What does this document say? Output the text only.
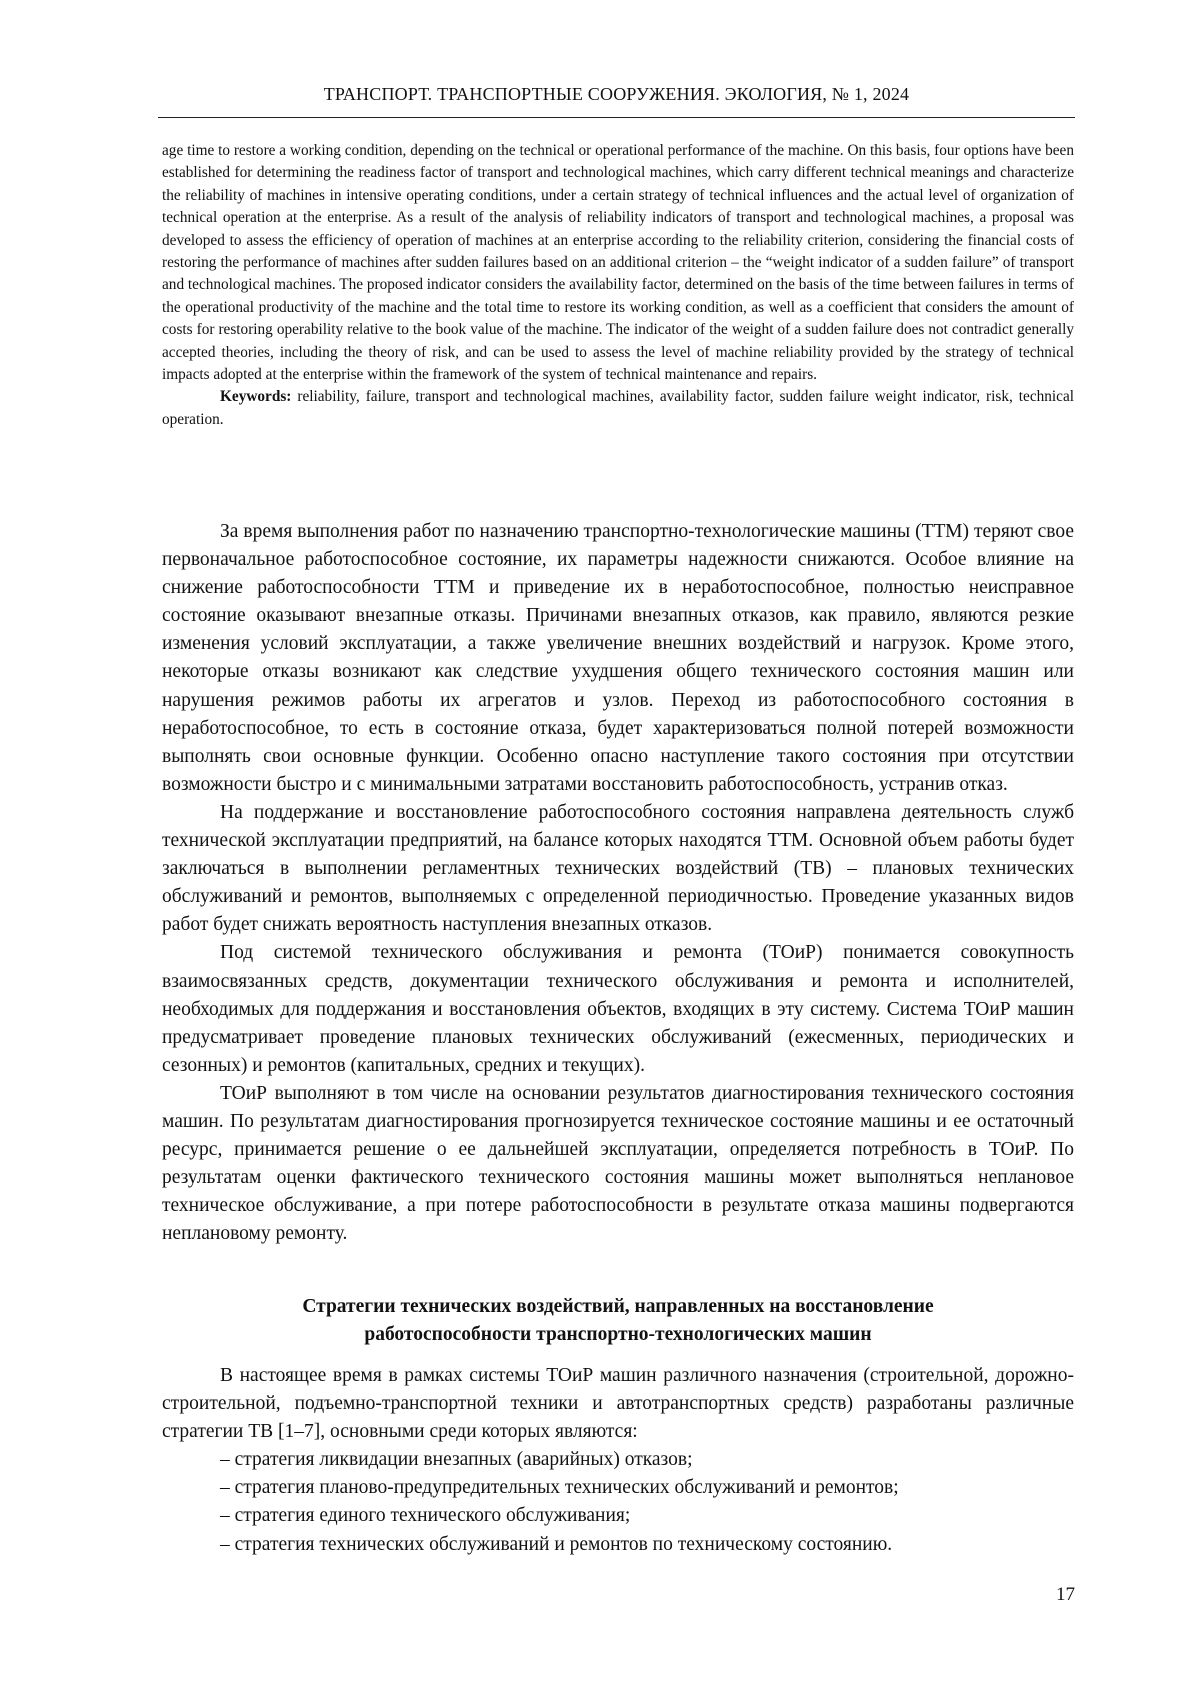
ТРАНСПОРТ. ТРАНСПОРТНЫЕ СООРУЖЕНИЯ. ЭКОЛОГИЯ, № 1, 2024

age time to restore a working condition, depending on the technical or operational performance of the machine. On this basis, four options have been established for determining the readiness factor of transport and technological machines, which carry different technical meanings and characterize the reliability of machines in intensive operating conditions, under a certain strategy of technical influences and the actual level of organization of technical operation at the enterprise. As a result of the analysis of reliability indicators of transport and technological machines, a proposal was developed to assess the efficiency of operation of machines at an enterprise according to the reliability criterion, considering the financial costs of restoring the performance of machines after sudden failures based on an additional criterion – the “weight indicator of a sudden failure” of transport and technological machines. The proposed indicator considers the availability factor, determined on the basis of the time between failures in terms of the operational productivity of the machine and the total time to restore its working condition, as well as a coefficient that considers the amount of costs for restoring operability relative to the book value of the machine. The indicator of the weight of a sudden failure does not contradict generally accepted theories, including the theory of risk, and can be used to assess the level of machine reliability provided by the strategy of technical impacts adopted at the enterprise within the framework of the system of technical maintenance and repairs.

Keywords: reliability, failure, transport and technological machines, availability factor, sudden failure weight indicator, risk, technical operation.

За время выполнения работ по назначению транспортно-технологические машины (ТТМ) теряют свое первоначальное работоспособное состояние, их параметры надежности снижаются. Особое влияние на снижение работоспособности ТТМ и приведение их в неработоспособное, полностью неисправное состояние оказывают внезапные отказы. Причинами внезапных отказов, как правило, являются резкие изменения условий эксплуатации, а также увеличение внешних воздействий и нагрузок. Кроме этого, некоторые отказы возникают как следствие ухудшения общего технического состояния машин или нарушения режимов работы их агрегатов и узлов. Переход из работоспособного состояния в неработоспособное, то есть в состояние отказа, будет характеризоваться полной потерей возможности выполнять свои основные функции. Особенно опасно наступление такого состояния при отсутствии возможности быстро и с минимальными затратами восстановить работоспособность, устранив отказ.

На поддержание и восстановление работоспособного состояния направлена деятельность служб технической эксплуатации предприятий, на балансе которых находятся ТТМ. Основной объем работы будет заключаться в выполнении регламентных технических воздействий (ТВ) – плановых технических обслуживаний и ремонтов, выполняемых с определенной периодичностью. Проведение указанных видов работ будет снижать вероятность наступления внезапных отказов.

Под системой технического обслуживания и ремонта (ТОиР) понимается совокупность взаимосвязанных средств, документации технического обслуживания и ремонта и исполнителей, необходимых для поддержания и восстановления объектов, входящих в эту систему. Система ТОиР машин предусматривает проведение плановых технических обслуживаний (ежесменных, периодических и сезонных) и ремонтов (капитальных, средних и текущих).

ТОиР выполняют в том числе на основании результатов диагностирования технического состояния машин. По результатам диагностирования прогнозируется техническое состояние машины и ее остаточный ресурс, принимается решение о ее дальнейшей эксплуатации, определяется потребность в ТОиР. По результатам оценки фактического технического состояния машины может выполняться неплановое техническое обслуживание, а при потере работоспособности в результате отказа машины подвергаются неплановому ремонту.

Стратегии технических воздействий, направленных на восстановление
работоспособности транспортно-технологических машин

В настоящее время в рамках системы ТОиР машин различного назначения (строительной, дорожно-строительной, подъемно-транспортной техники и автотранспортных средств) разработаны различные стратегии ТВ [1–7], основными среди которых являются:

– стратегия ликвидации внезапных (аварийных) отказов;
– стратегия планово-предупредительных технических обслуживаний и ремонтов;
– стратегия единого технического обслуживания;
– стратегия технических обслуживаний и ремонтов по техническому состоянию.
17
